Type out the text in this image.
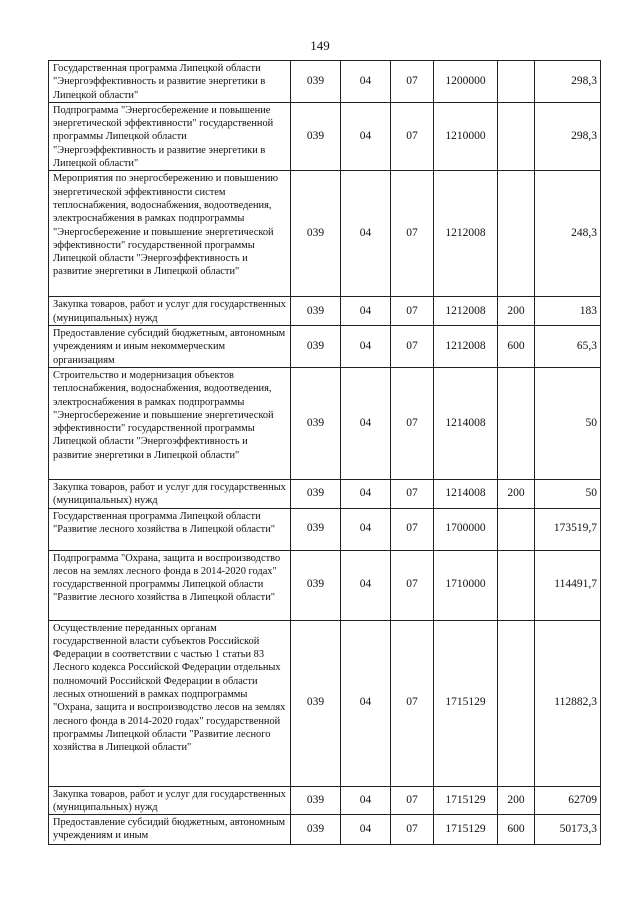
149
Государственная программа Липецкой области "Энергоэффективность и развитие энергетики в Липецкой области"	039	04	07	1200000		298,3
Подпрограмма "Энергосбережение и повышение энергетической эффективности" государственной программы Липецкой области "Энергоэффективность и развитие энергетики в Липецкой области"	039	04	07	1210000		298,3
Мероприятия по энергосбережению и повышению энергетической эффективности систем теплоснабжения, водоснабжения, водоотведения, электроснабжения в рамках подпрограммы "Энергосбережение и повышение энергетической эффективности" государственной программы Липецкой области "Энергоэффективность и развитие энергетики в Липецкой области"	039	04	07	1212008		248,3
Закупка товаров, работ и услуг для государственных (муниципальных) нужд	039	04	07	1212008	200	183
Предоставление субсидий бюджетным, автономным учреждениям и иным некоммерческим организациям	039	04	07	1212008	600	65,3
Строительство и модернизация объектов теплоснабжения, водоснабжения, водоотведения, электроснабжения в рамках подпрограммы "Энергосбережение и повышение энергетической эффективности" государственной программы Липецкой области "Энергоэффективность и развитие энергетики в Липецкой области"	039	04	07	1214008		50
Закупка товаров, работ и услуг для государственных (муниципальных) нужд	039	04	07	1214008	200	50
Государственная программа Липецкой области "Развитие лесного хозяйства в Липецкой области"	039	04	07	1700000		173519,7
Подпрограмма "Охрана, защита и воспроизводство лесов на землях лесного фонда в 2014-2020 годах" государственной программы Липецкой области "Развитие лесного хозяйства в Липецкой области"	039	04	07	1710000		114491,7
Осуществление переданных органам государственной власти субъектов Российской Федерации в соответствии с частью 1 статьи 83 Лесного кодекса Российской Федерации отдельных полномочий Российской Федерации в области лесных отношений в рамках подпрограммы "Охрана, защита и воспроизводство лесов на землях лесного фонда в 2014-2020 годах" государственной программы Липецкой области "Развитие лесного хозяйства в Липецкой области"	039	04	07	1715129		112882,3
Закупка товаров, работ и услуг для государственных (муниципальных) нужд	039	04	07	1715129	200	62709
Предоставление субсидий бюджетным, автономным учреждениям и иным	039	04	07	1715129	600	50173,3
